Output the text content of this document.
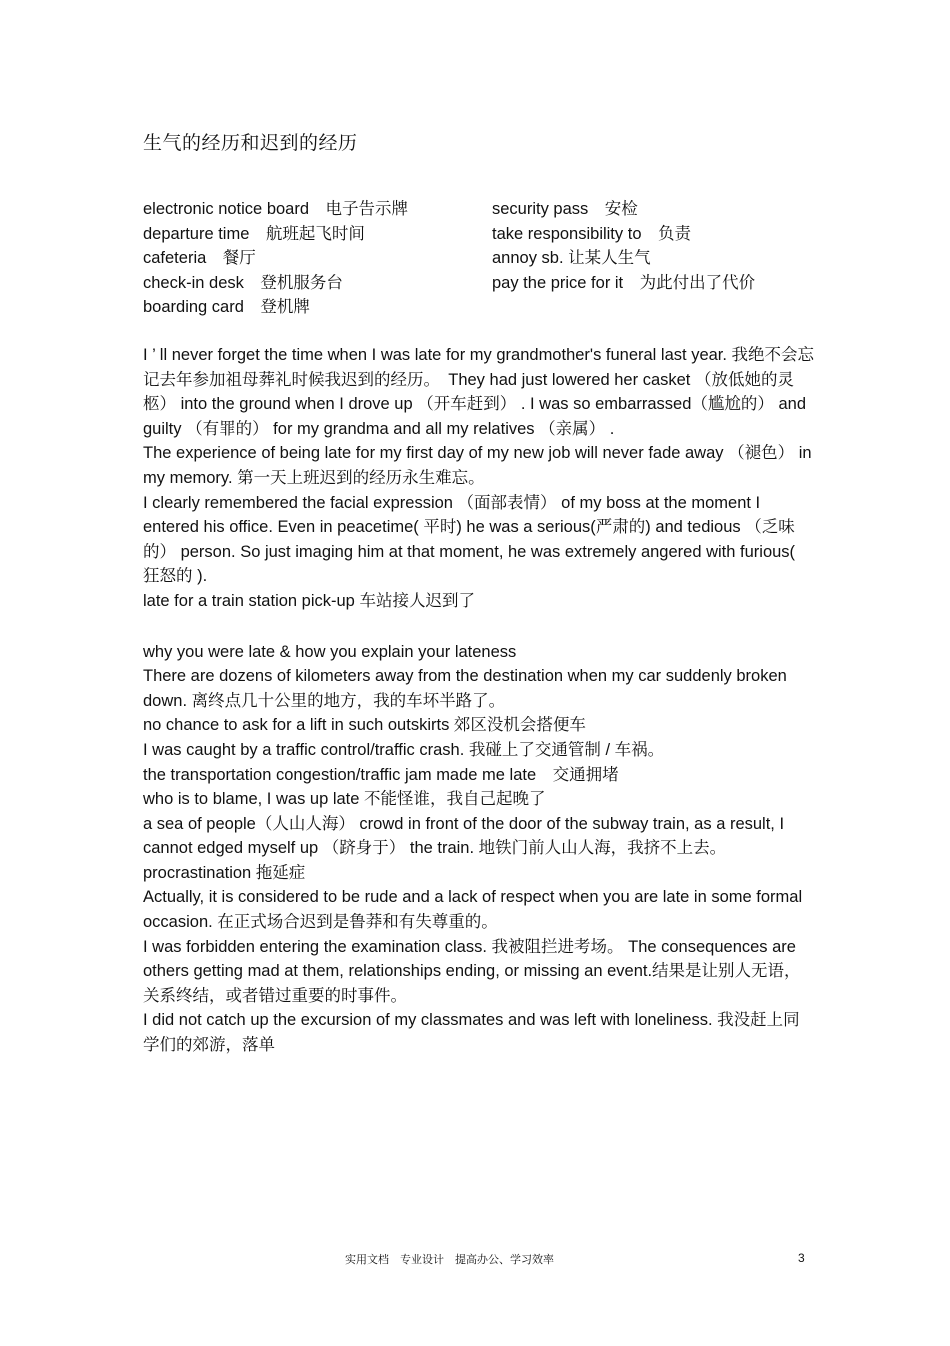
生气的经历和迟到的经历
electronic notice board　电子告示牌	security pass　安检
departure time　航班起飞时间	take responsibility to　负责
cafeteria　餐厅	annoy sb. 让某人生气
check-in desk　登机服务台	pay the price for it　为此付出了代价
boarding card　登机牌

I ’ ll never forget the time when I was late for my grandmother's funeral last year. 我绝不会忘记去年参加祖母葬礼时候我迟到的经历。　They had just lowered her casket （放低她的灵柩） into the ground when I drove up （开车赶到） . I was so embarrassed（尴尬的） and guilty （有罪的） for my grandma and all my relatives （亲属） .

The experience of being late for my first day of my new job will never fade away （褪色） in my memory. 第一天上班迟到的经历永生难忘。

I clearly remembered the facial expression （面部表情） of my boss at the moment I entered his office. Even in peacetime( 平时) he was a serious(严肃的) and tedious （乏味的） person. So just imaging him at that moment, he was extremely angered with furious( 狂怒的 ).

late for a train station pick-up 车站接人迟到了

why you were late & how you explain your lateness

There are dozens of kilometers away from the destination when my car suddenly broken down. 离终点几十公里的地方，我的车坏半路了。

no chance to ask for a lift in such outskirts 郊区没机会搭便车

I was caught by a traffic control/traffic crash. 我碰上了交通管制 / 车祸。

the transportation congestion/traffic jam made me late　交通拥堵

who is to blame, I was up late 不能怪谁，我自己起晚了

a sea of people（人山人海） crowd in front of the door of the subway train, as a result, I cannot edged myself up （跻身于） the train. 地铁门前人山人海，我挤不上去。

procrastination 拖延症

Actually, it is considered to be rude and a lack of respect when you are late in some formal occasion. 在正式场合迟到是鲁莽和有失尊重的。

I was forbidden entering the examination class. 我被阻拦进考场。 The consequences are others getting mad at them, relationships ending, or missing an event.结果是让别人无语，关系终结，或者错过重要的时事件。

I did not catch up the excursion of my classmates and was left with loneliness. 我没赶上同学们的郊游，落单

实用文档　专业设计　提高办公、学习效率	3
